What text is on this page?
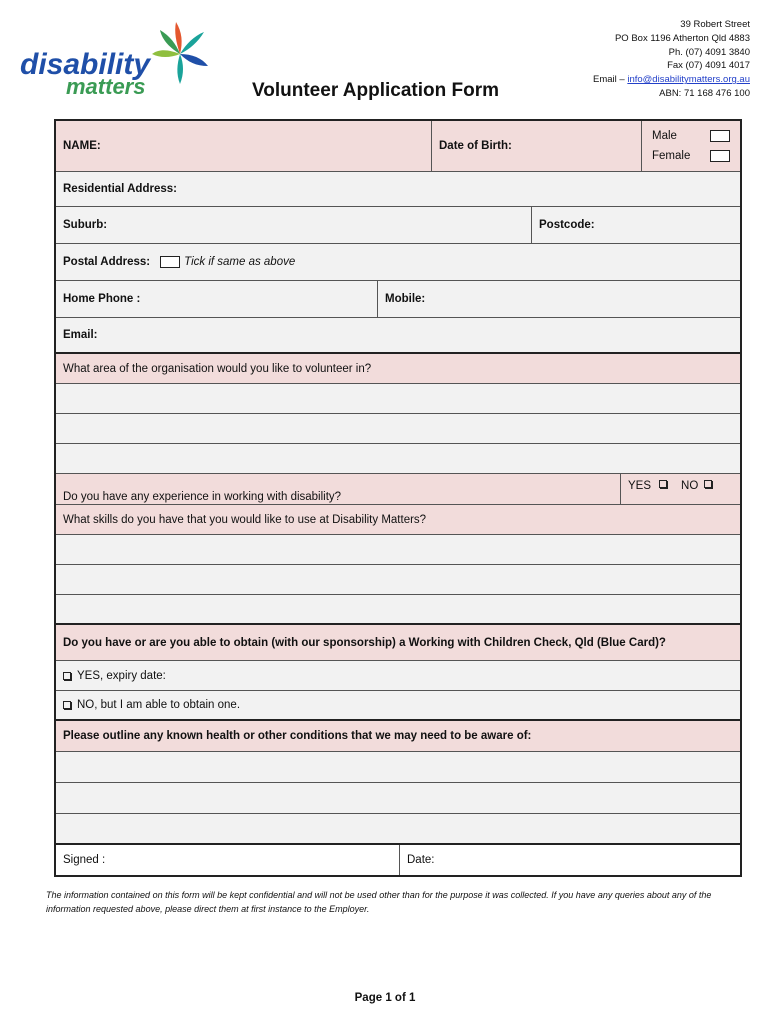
disability
matters	Volunteer Application Form
39 Robert Street
PO Box 1196 Atherton Qld 4883
Ph. (07) 4091 3840
Fax (07) 4091 4017
Email – info@disabilitymatters.org.au
ABN: 71 168 476 100
NAME:	Date of Birth:
Male
Female
Residential Address:
Suburb:	Postcode:
Postal Address:	Tick if same as above
Home Phone :	Mobile:
Email:
What area of the organisation would you like to volunteer in?
Do you have any experience in working with disability?
YES	NO
What skills do you have that you would like to use at Disability Matters?
Do you have or are you able to obtain (with our sponsorship) a Working with Children Check, Qld (Blue Card)?
YES, expiry date:
NO, but I am able to obtain one.
Please outline any known health or other conditions that we may need to be aware of:
Signed :	Date:
The information contained on this form will be kept confidential and will not be used other than for the purpose it was collected. If you have any queries about any of the information requested above, please direct them at first instance to the Employer.
Page 1 of 1
